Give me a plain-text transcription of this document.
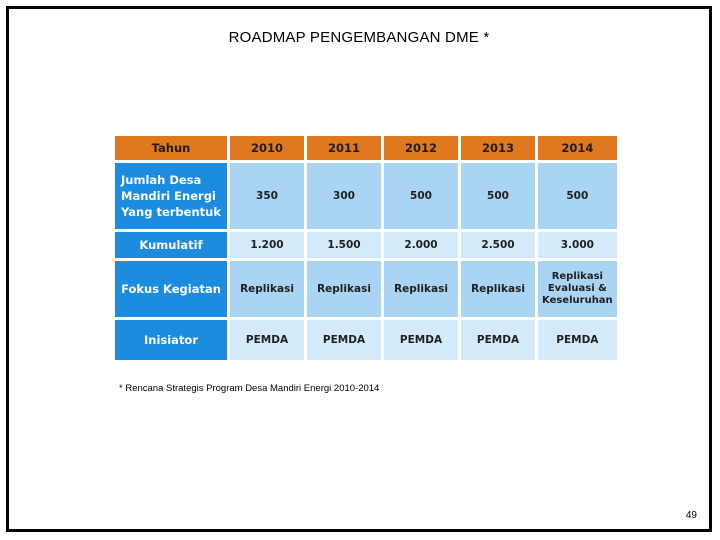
ROADMAP PENGEMBANGAN DME *
Tahun	2010	2011	2012	2013	2014
Jumlah Desa Mandiri Energi Yang terbentuk	350	300	500	500	500
Kumulatif	1.200	1.500	2.000	2.500	3.000
Fokus Kegiatan	Replikasi	Replikasi	Replikasi	Replikasi	Replikasi Evaluasi & Keseluruhan
Inisiator	PEMDA	PEMDA	PEMDA	PEMDA	PEMDA
* Rencana Strategis Program Desa Mandiri Energi 2010-2014
49
